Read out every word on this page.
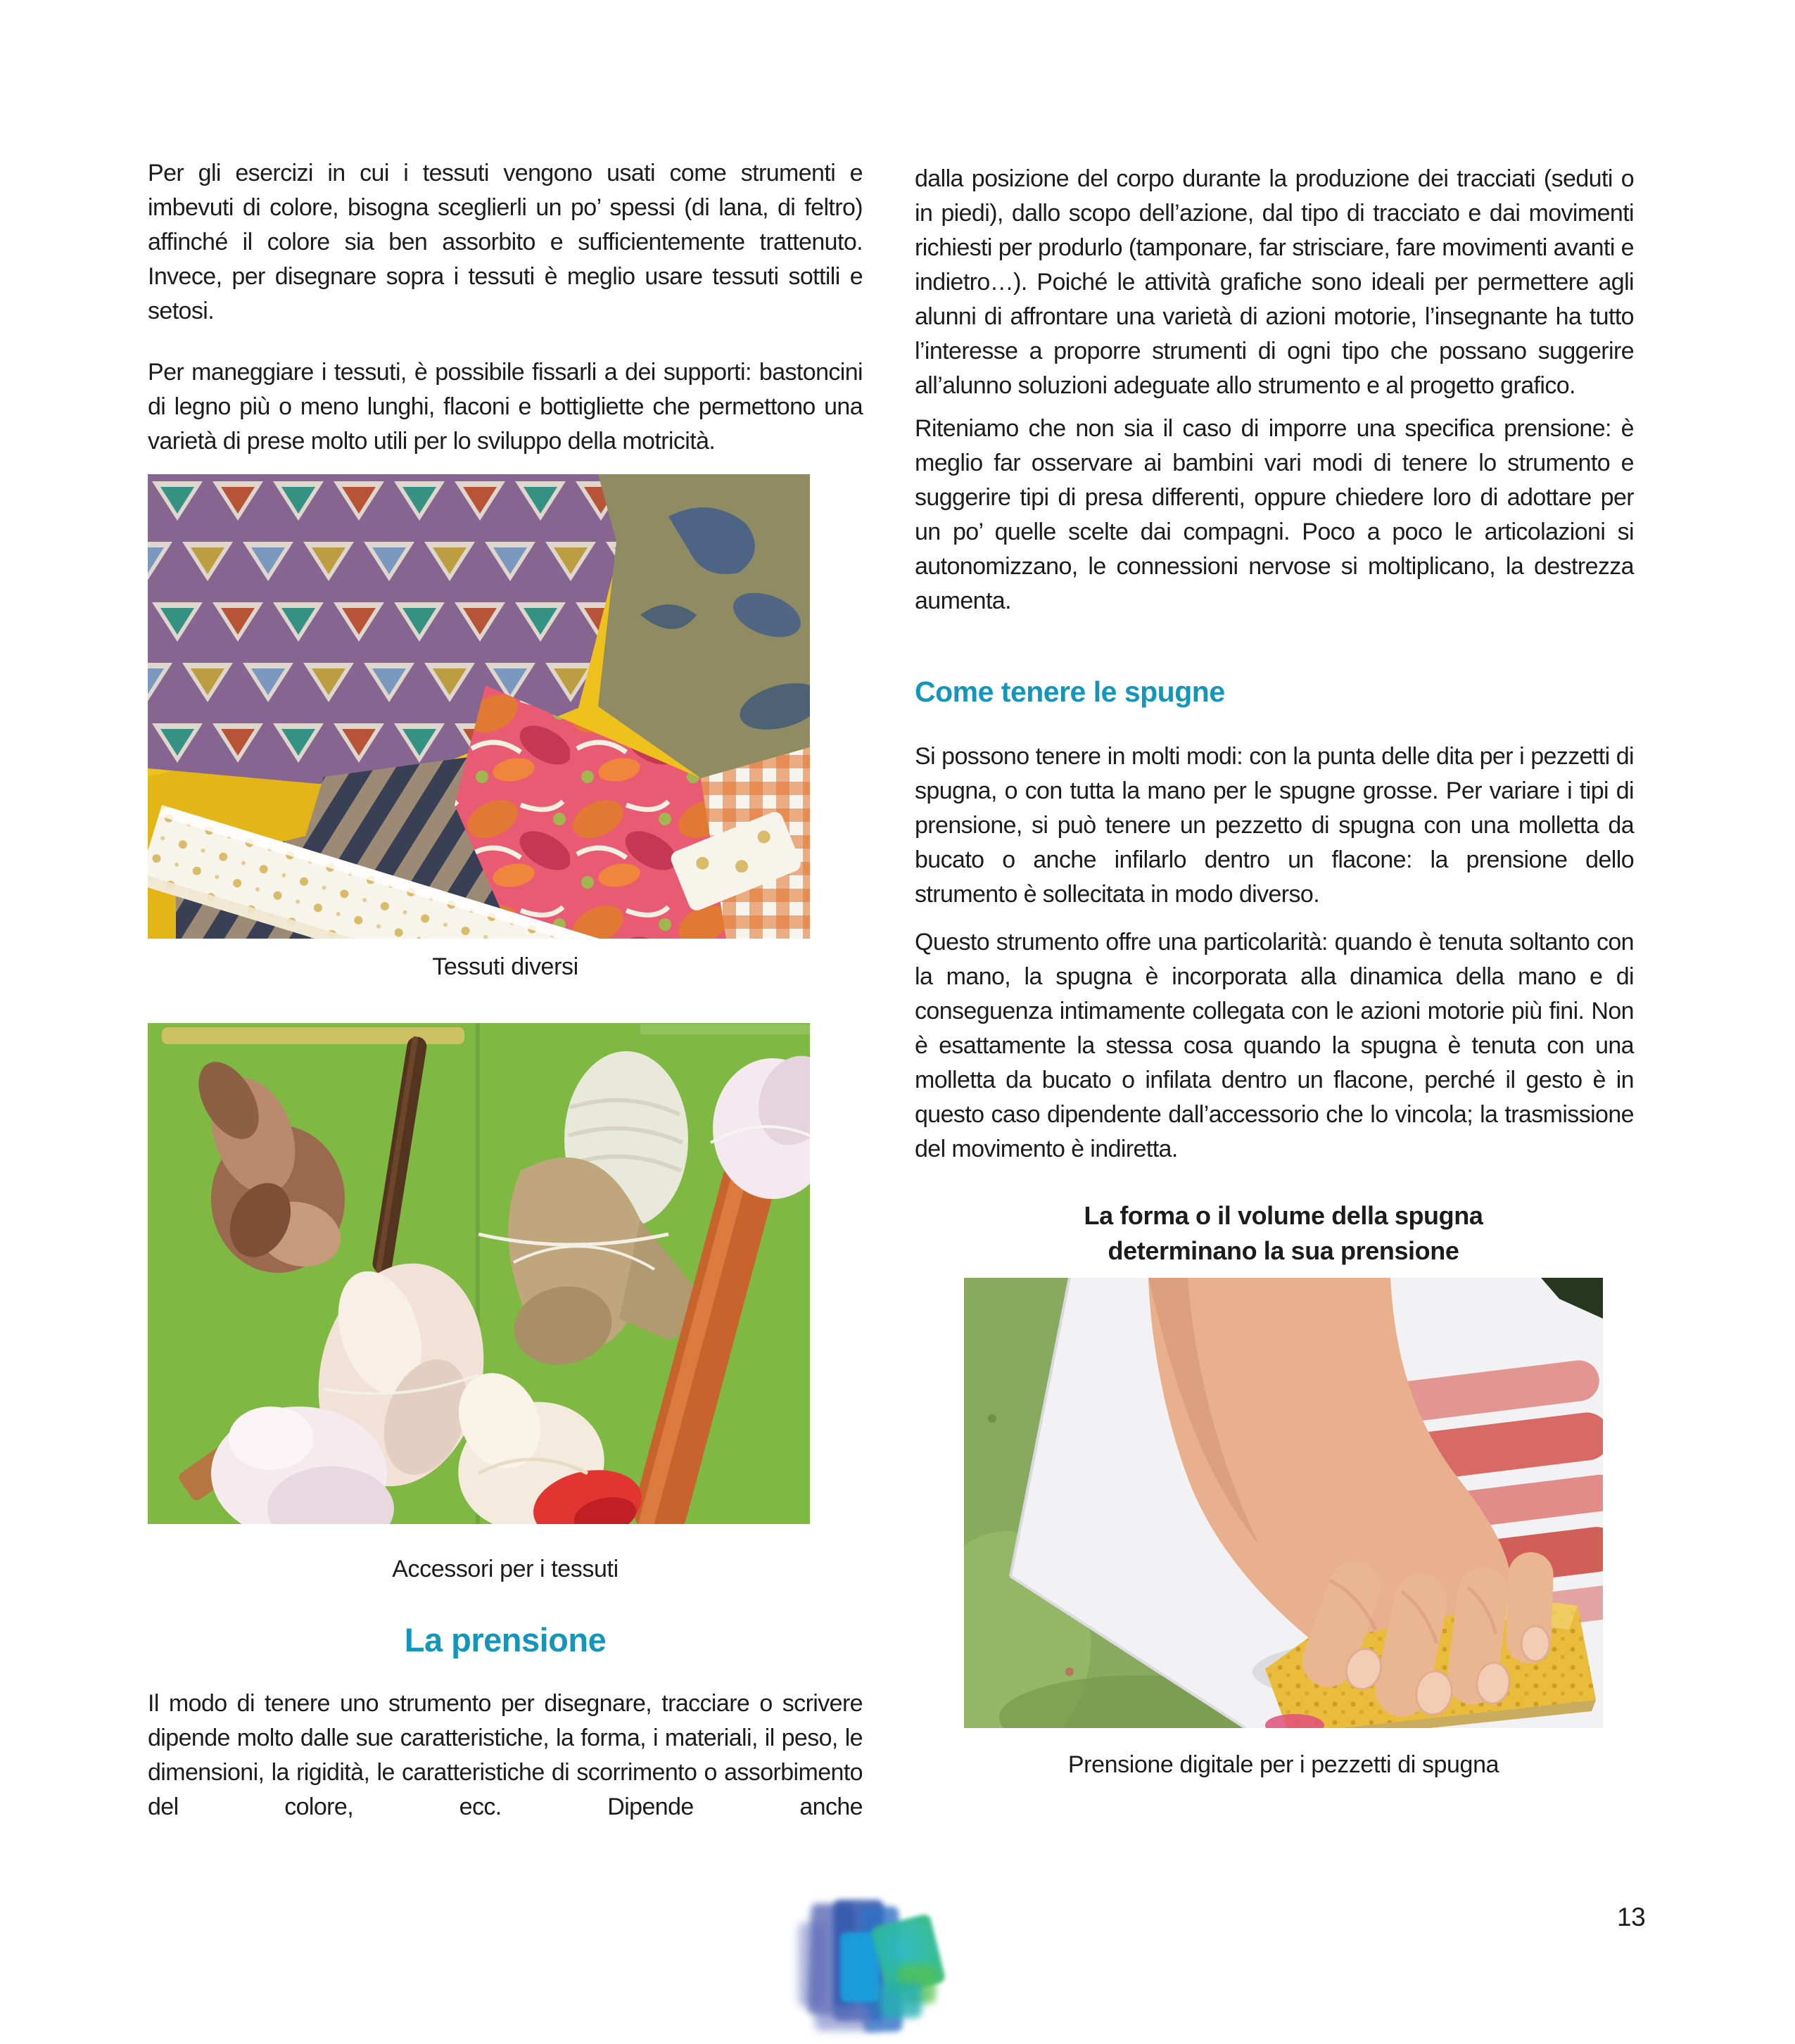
Per gli esercizi in cui i tessuti vengono usati come strumenti e imbevuti di colore, bisogna sceglierli un po’ spessi (di lana, di feltro) affinché il colore sia ben assorbito e sufficientemente trattenuto. Invece, per disegnare sopra i tessuti è meglio usare tessuti sottili e setosi.

Per maneggiare i tessuti, è possibile fissarli a dei supporti: bastoncini di legno più o meno lunghi, flaconi e bottigliette che permettono una varietà di prese molto utili per lo sviluppo della motricità.

Tessuti diversi
Accessori per i tessuti
La prensione

Il modo di tenere uno strumento per disegnare, tracciare o scrivere dipende molto dalle sue caratteristiche, la forma, i materiali, il peso, le dimensioni, la rigidità, le caratteristiche di scorrimento o assorbimento del colore, ecc. Dipende anche

dalla posizione del corpo durante la produzione dei tracciati (seduti o in piedi), dallo scopo dell’azione, dal tipo di tracciato e dai movimenti richiesti per produrlo (tamponare, far strisciare, fare movimenti avanti e indietro…). Poiché le attività grafiche sono ideali per permettere agli alunni di affrontare una varietà di azioni motorie, l’insegnante ha tutto l’interesse a proporre strumenti di ogni tipo che possano suggerire all’alunno soluzioni adeguate allo strumento e al progetto grafico.

Riteniamo che non sia il caso di imporre una specifica prensione: è meglio far osservare ai bambini vari modi di tenere lo strumento e suggerire tipi di presa differenti, oppure chiedere loro di adottare per un po’ quelle scelte dai compagni. Poco a poco le articolazioni si autonomizzano, le connessioni nervose si moltiplicano, la destrezza aumenta.

Come tenere le spugne

Si possono tenere in molti modi: con la punta delle dita per i pezzetti di spugna, o con tutta la mano per le spugne grosse. Per variare i tipi di prensione, si può tenere un pezzetto di spugna con una molletta da bucato o anche infilarlo dentro un flacone: la prensione dello strumento è sollecitata in modo diverso.

Questo strumento offre una particolarità: quando è tenuta soltanto con la mano, la spugna è incorporata alla dinamica della mano e di conseguenza intimamente collegata con le azioni motorie più fini. Non è esattamente la stessa cosa quando la spugna è tenuta con una molletta da bucato o infilata dentro un flacone, perché il gesto è in questo caso dipendente dall’accessorio che lo vincola; la trasmissione del movimento è indiretta.

La forma o il volume della spugna
determinano la sua prensione
Prensione digitale per i pezzetti di spugna
13
